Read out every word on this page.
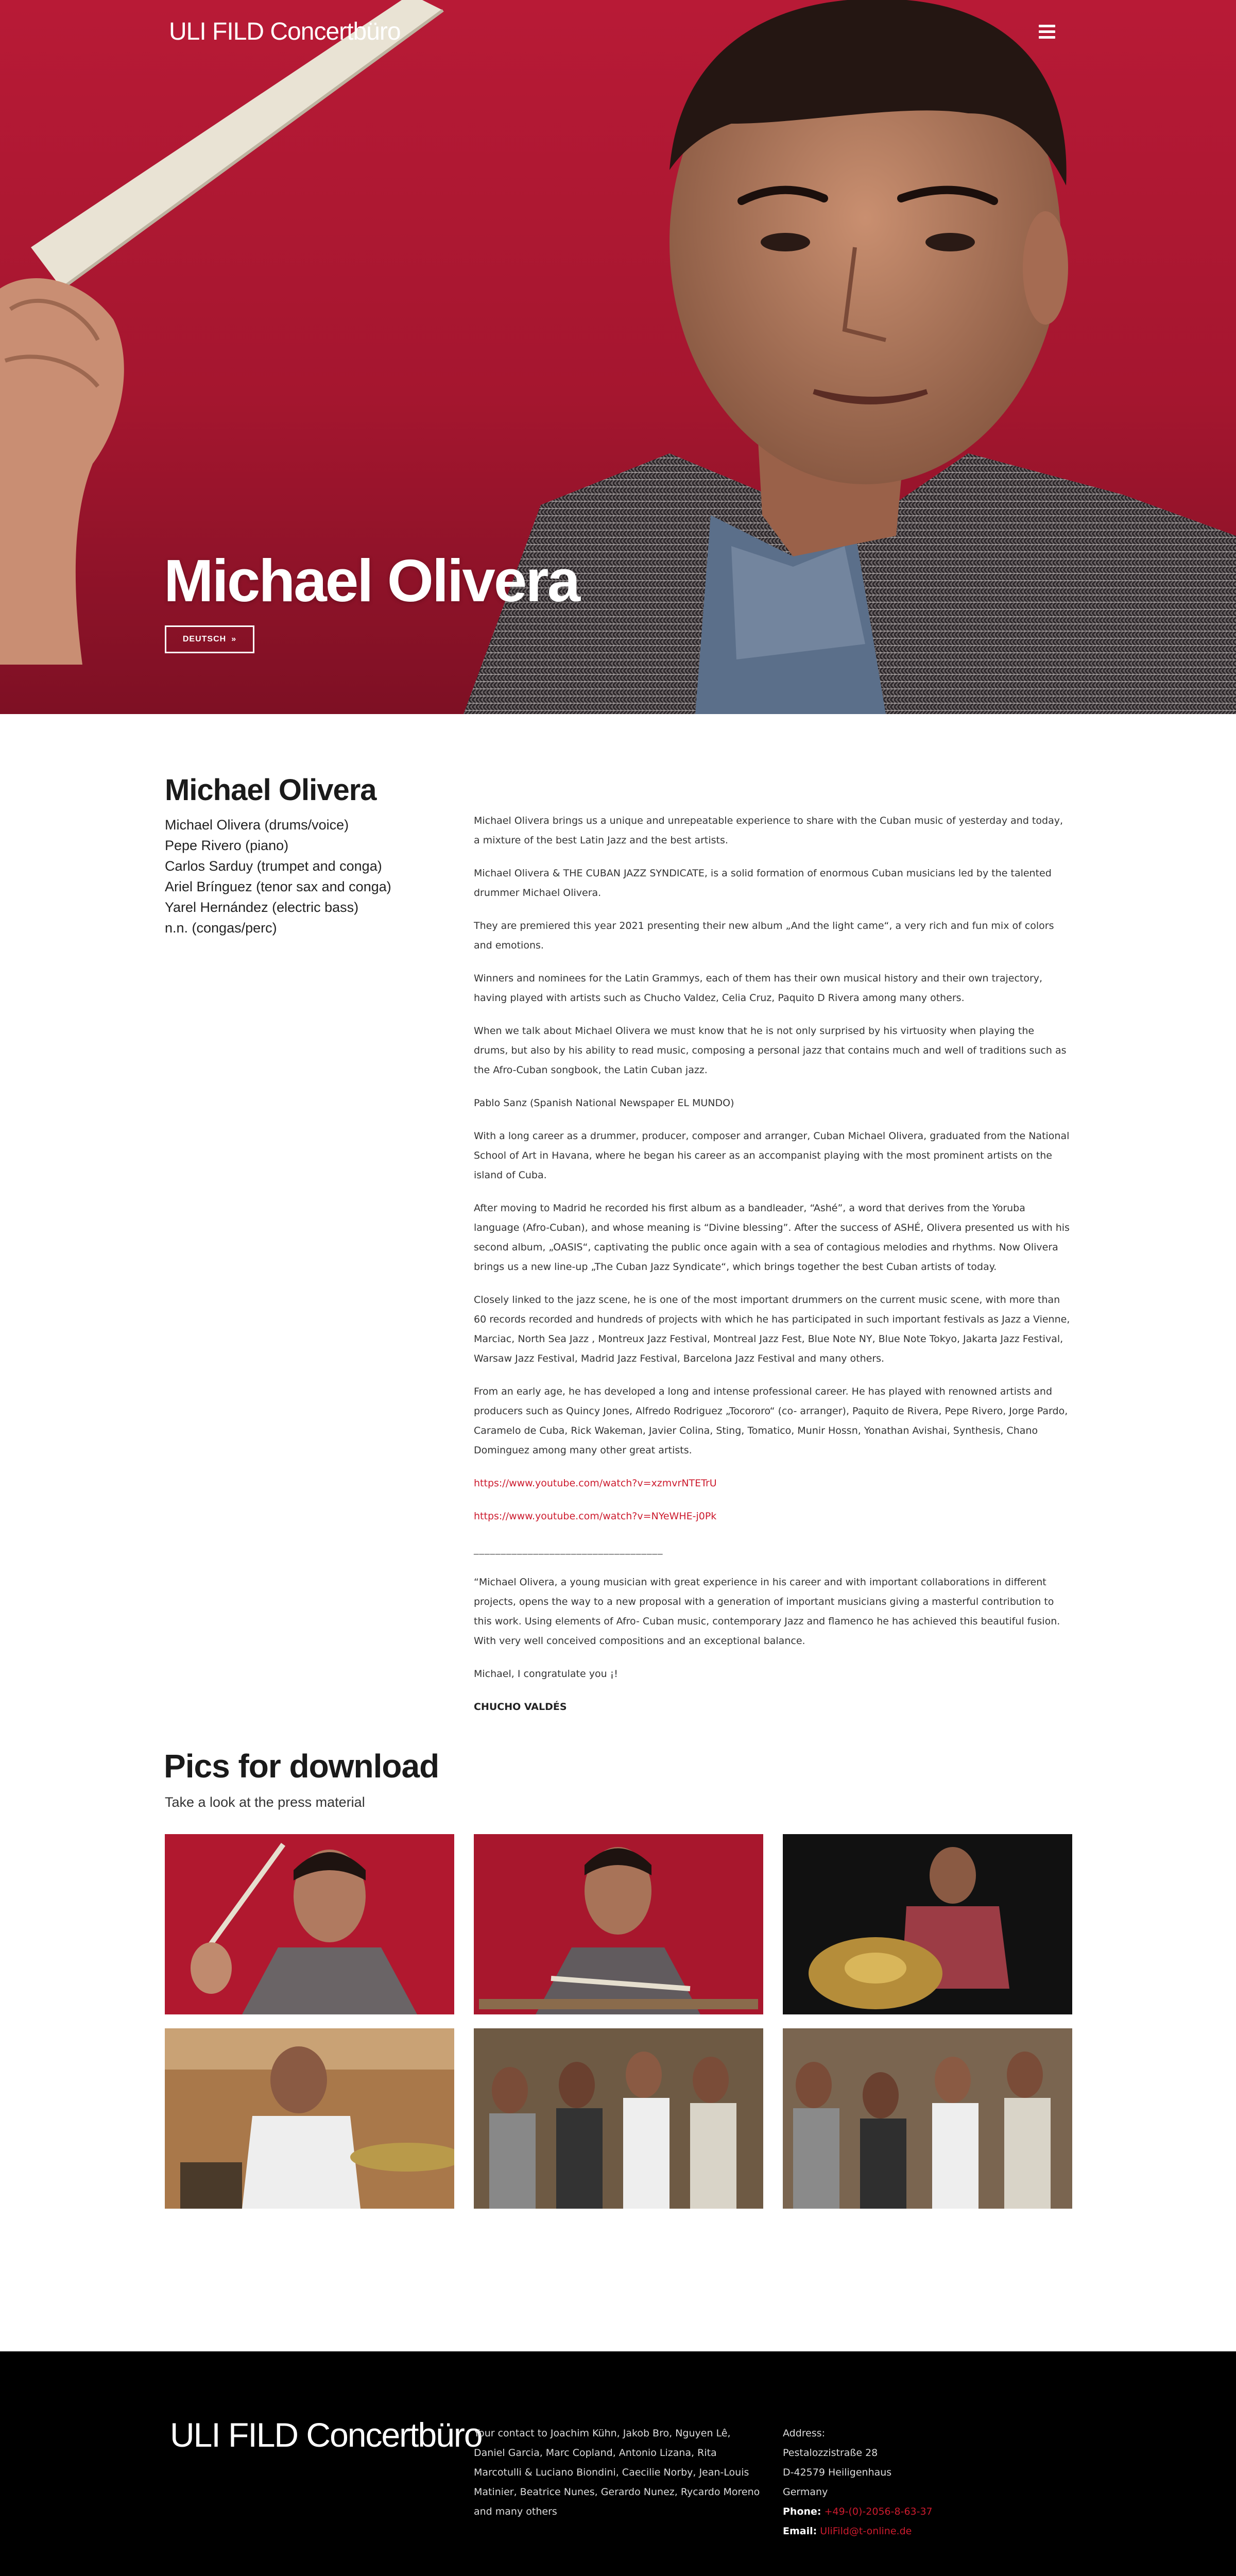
ULI FILD Concertbüro
Michael Olivera
DEUTSCH »
Michael Olivera
Michael Olivera (drums/voice)
Pepe Rivero (piano)
Carlos Sarduy (trumpet and conga)
Ariel Brínguez (tenor sax and conga)
Yarel Hernández (electric bass)
n.n. (congas/perc)

Michael Olivera brings us a unique and unrepeatable experience to share with the Cuban music of yesterday and today, a mixture of the best Latin Jazz and the best artists.

Michael Olivera & THE CUBAN JAZZ SYNDICATE, is a solid formation of enormous Cuban musicians led by the talented drummer Michael Olivera.

They are premiered this year 2021 presenting their new album „And the light came“, a very rich and fun mix of colors and emotions.

Winners and nominees for the Latin Grammys, each of them has their own musical history and their own trajectory, having played with artists such as Chucho Valdez, Celia Cruz, Paquito D Rivera among many others.

When we talk about Michael Olivera we must know that he is not only surprised by his virtuosity when playing the drums, but also by his ability to read music, composing a personal jazz that contains much and well of traditions such as the Afro-Cuban songbook, the Latin Cuban jazz.

Pablo Sanz (Spanish National Newspaper EL MUNDO)

With a long career as a drummer, producer, composer and arranger, Cuban Michael Olivera, graduated from the National School of Art in Havana, where he began his career as an accompanist playing with the most prominent artists on the island of Cuba.

After moving to Madrid he recorded his first album as a bandleader, “Ashé”, a word that derives from the Yoruba language (Afro-Cuban), and whose meaning is “Divine blessing”. After the success of ASHÉ, Olivera presented us with his second album, „OASIS“, captivating the public once again with a sea of contagious melodies and rhythms. Now Olivera brings us a new line-up „The Cuban Jazz Syndicate“, which brings together the best Cuban artists of today.

Closely linked to the jazz scene, he is one of the most important drummers on the current music scene, with more than 60 records recorded and hundreds of projects with which he has participated in such important festivals as Jazz a Vienne, Marciac, North Sea Jazz , Montreux Jazz Festival, Montreal Jazz Fest, Blue Note NY, Blue Note Tokyo, Jakarta Jazz Festival, Warsaw Jazz Festival, Madrid Jazz Festival, Barcelona Jazz Festival and many others.

From an early age, he has developed a long and intense professional career. He has played with renowned artists and producers such as Quincy Jones, Alfredo Rodriguez „Tocororo“ (co- arranger), Paquito de Rivera, Pepe Rivero, Jorge Pardo, Caramelo de Cuba, Rick Wakeman, Javier Colina, Sting, Tomatico, Munir Hossn, Yonathan Avishai, Synthesis, Chano Dominguez among many other great artists.

https://www.youtube.com/watch?v=xzmvrNTETrU

https://www.youtube.com/watch?v=NYeWHE-j0Pk

___________________________________

“Michael Olivera, a young musician with great experience in his career and with important collaborations in different projects, opens the way to a new proposal with a generation of important musicians giving a masterful contribution to this work. Using elements of Afro- Cuban music, contemporary Jazz and flamenco he has achieved this beautiful fusion. With very well conceived compositions and an exceptional balance.

Michael, I congratulate you ¡!

CHUCHO VALDÉS

Pics for download
Take a look at the press material
ULI FILD Concertbüro
Your contact to Joachim Kühn, Jakob Bro, Nguyen Lê, Daniel Garcia, Marc Copland, Antonio Lizana, Rita Marcotulli & Luciano Biondini, Caecilie Norby, Jean-Louis Matinier, Beatrice Nunes, Gerardo Nunez, Rycardo Moreno and many others
Address:
Pestalozzistraße 28
D-42579 Heiligenhaus
Germany
Phone: +49-(0)-2056-8-63-37
Email: UliFild@t-online.de
